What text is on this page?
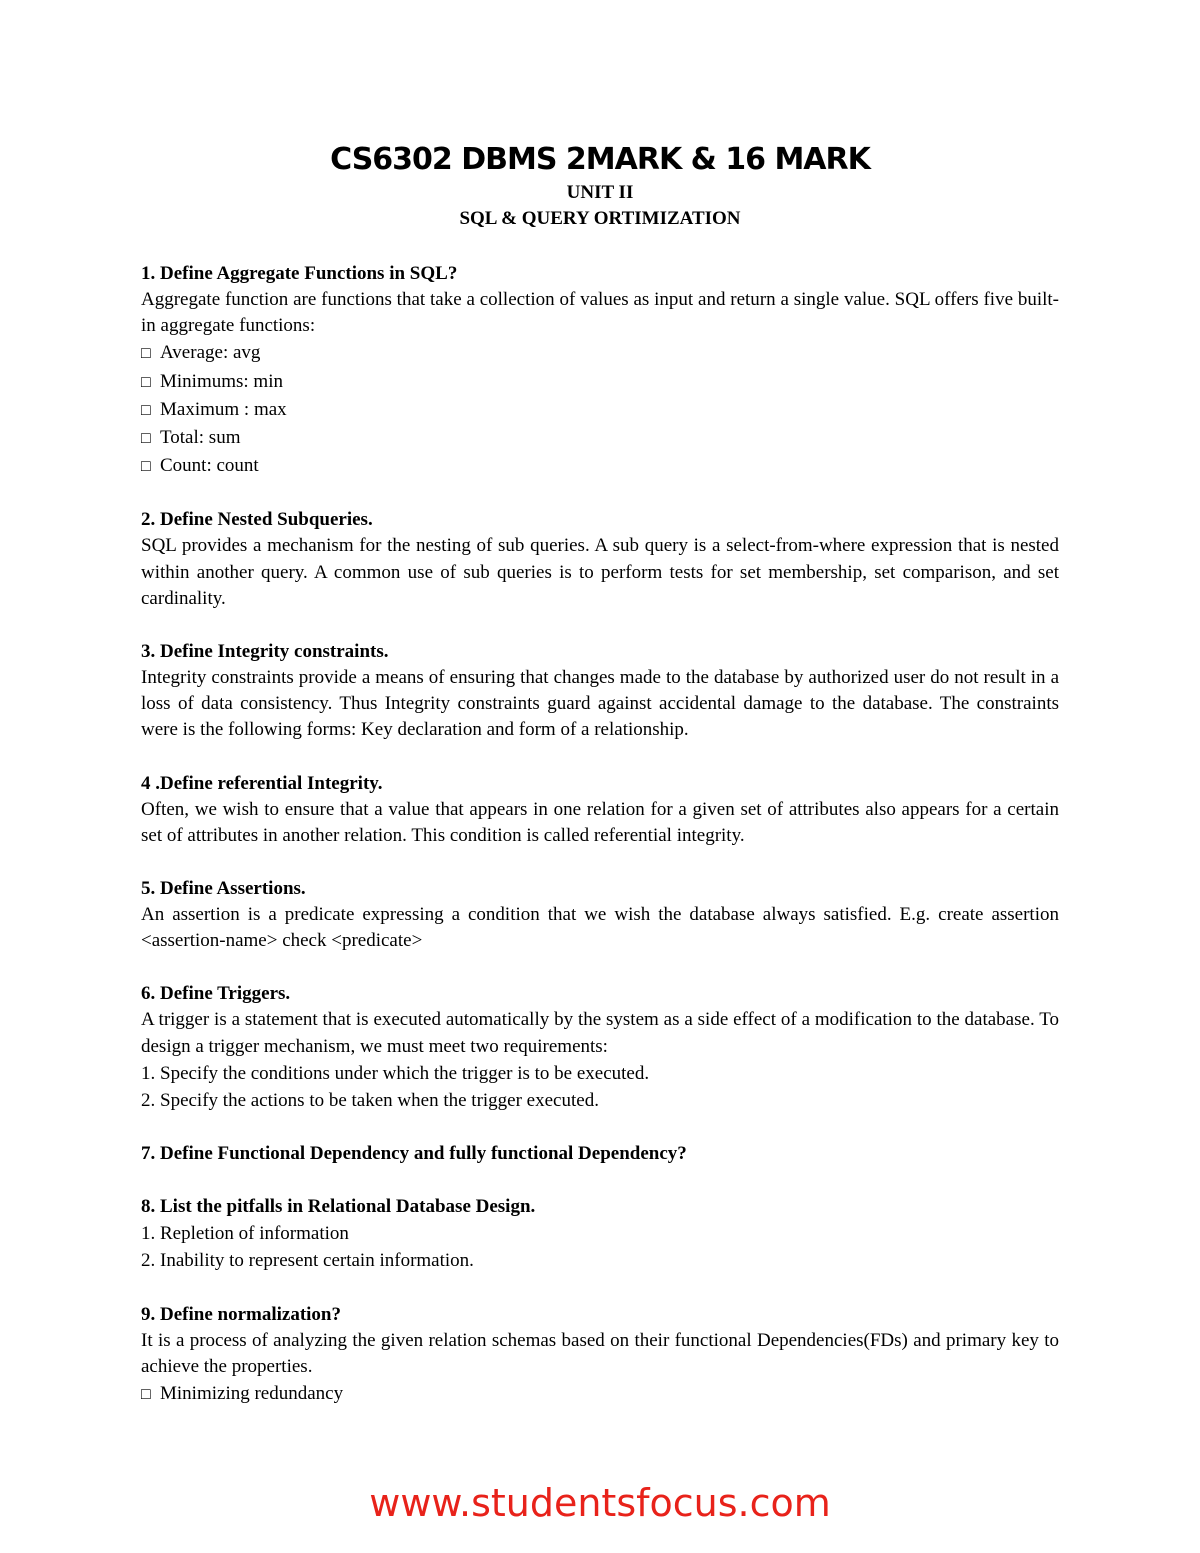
CS6302 DBMS 2MARK & 16 MARK

UNIT II

SQL & QUERY ORTIMIZATION

1. Define Aggregate Functions in SQL?

Aggregate function are functions that take a collection of values as input and return a single value. SQL offers five built-in aggregate functions:

□ Average: avg

□ Minimums: min

□ Maximum : max

□ Total: sum

□ Count: count

2. Define Nested Subqueries.

SQL provides a mechanism for the nesting of sub queries. A sub query is a select-from-where expression that is nested within another query. A common use of sub queries is to perform tests for set membership, set comparison, and set cardinality.

3. Define Integrity constraints.

Integrity constraints provide a means of ensuring that changes made to the database by authorized user do not result in a loss of data consistency. Thus Integrity constraints guard against accidental damage to the database. The constraints were is the following forms: Key declaration and form of a relationship.

4 .Define referential Integrity.

Often, we wish to ensure that a value that appears in one relation for a given set of attributes also appears for a certain set of attributes in another relation. This condition is called referential integrity.

5. Define Assertions.

An assertion is a predicate expressing a condition that we wish the database always satisfied. E.g. create assertion <assertion-name> check <predicate>

6. Define Triggers.

A trigger is a statement that is executed automatically by the system as a side effect of a modification to the database. To design a trigger mechanism, we must meet two requirements:

1. Specify the conditions under which the trigger is to be executed.

2. Specify the actions to be taken when the trigger executed.

7. Define Functional Dependency and fully functional Dependency?

8. List the pitfalls in Relational Database Design.

1. Repletion of information

2. Inability to represent certain information.

9. Define normalization?

It is a process of analyzing the given relation schemas based on their functional Dependencies(FDs) and primary key to achieve the properties.

□ Minimizing redundancy

www.studentsfocus.com
